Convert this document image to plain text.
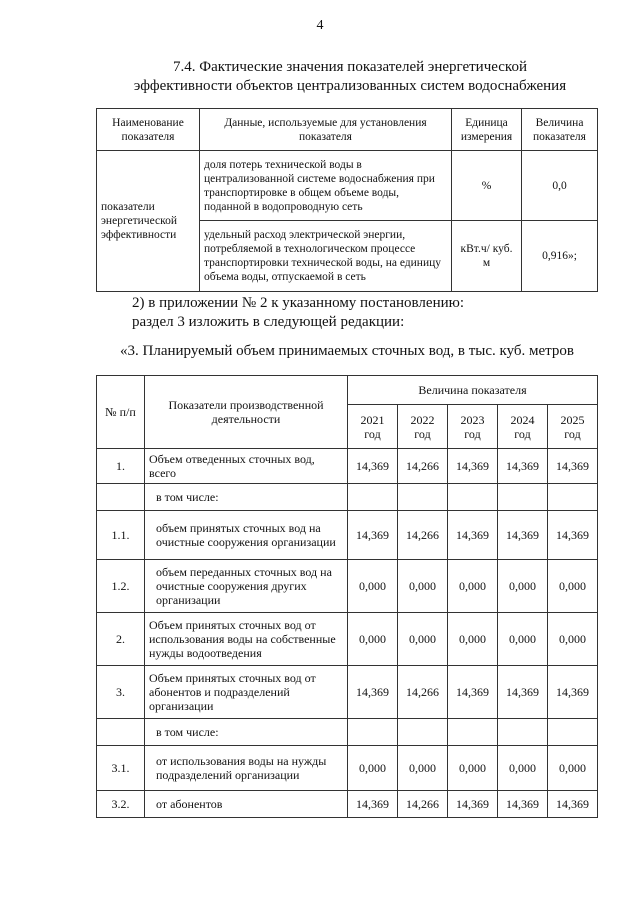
4
7.4. Фактические значения показателей энергетической
эффективности объектов централизованных систем водоснабжения
Наименование показателя	Данные, используемые для установления показателя	Единица измерения	Величина показателя
показатели энергетической эффективности	доля потерь технической воды в централизованной системе водоснабжения при транспортировке в общем объеме воды, поданной в водопроводную сеть	%	0,0
	удельный расход электрической энергии, потребляемой в технологическом процессе транспортировки технической воды, на единицу объема воды, отпускаемой в сеть	кВт.ч/ куб. м	0,916»;
2) в приложении № 2 к указанному постановлению:
раздел 3 изложить в следующей редакции:
«3. Планируемый объем принимаемых сточных вод, в тыс. куб. метров
№ п/п	Показатели производственной деятельности	Величина показателя				
		2021 год	2022 год	2023 год	2024 год	2025 год
1.	Объем отведенных сточных вод, всего	14,369	14,266	14,369	14,369	14,369
	в том числе:					
1.1.	объем принятых сточных вод на очистные сооружения организации	14,369	14,266	14,369	14,369	14,369
1.2.	объем переданных сточных вод на очистные сооружения других организации	0,000	0,000	0,000	0,000	0,000
2.	Объем принятых сточных вод от использования воды на собственные нужды водоотведения	0,000	0,000	0,000	0,000	0,000
3.	Объем принятых сточных вод от абонентов и подразделений организации	14,369	14,266	14,369	14,369	14,369
	в том числе:					
3.1.	от использования воды на нужды подразделений организации	0,000	0,000	0,000	0,000	0,000
3.2.	от абонентов	14,369	14,266	14,369	14,369	14,369
